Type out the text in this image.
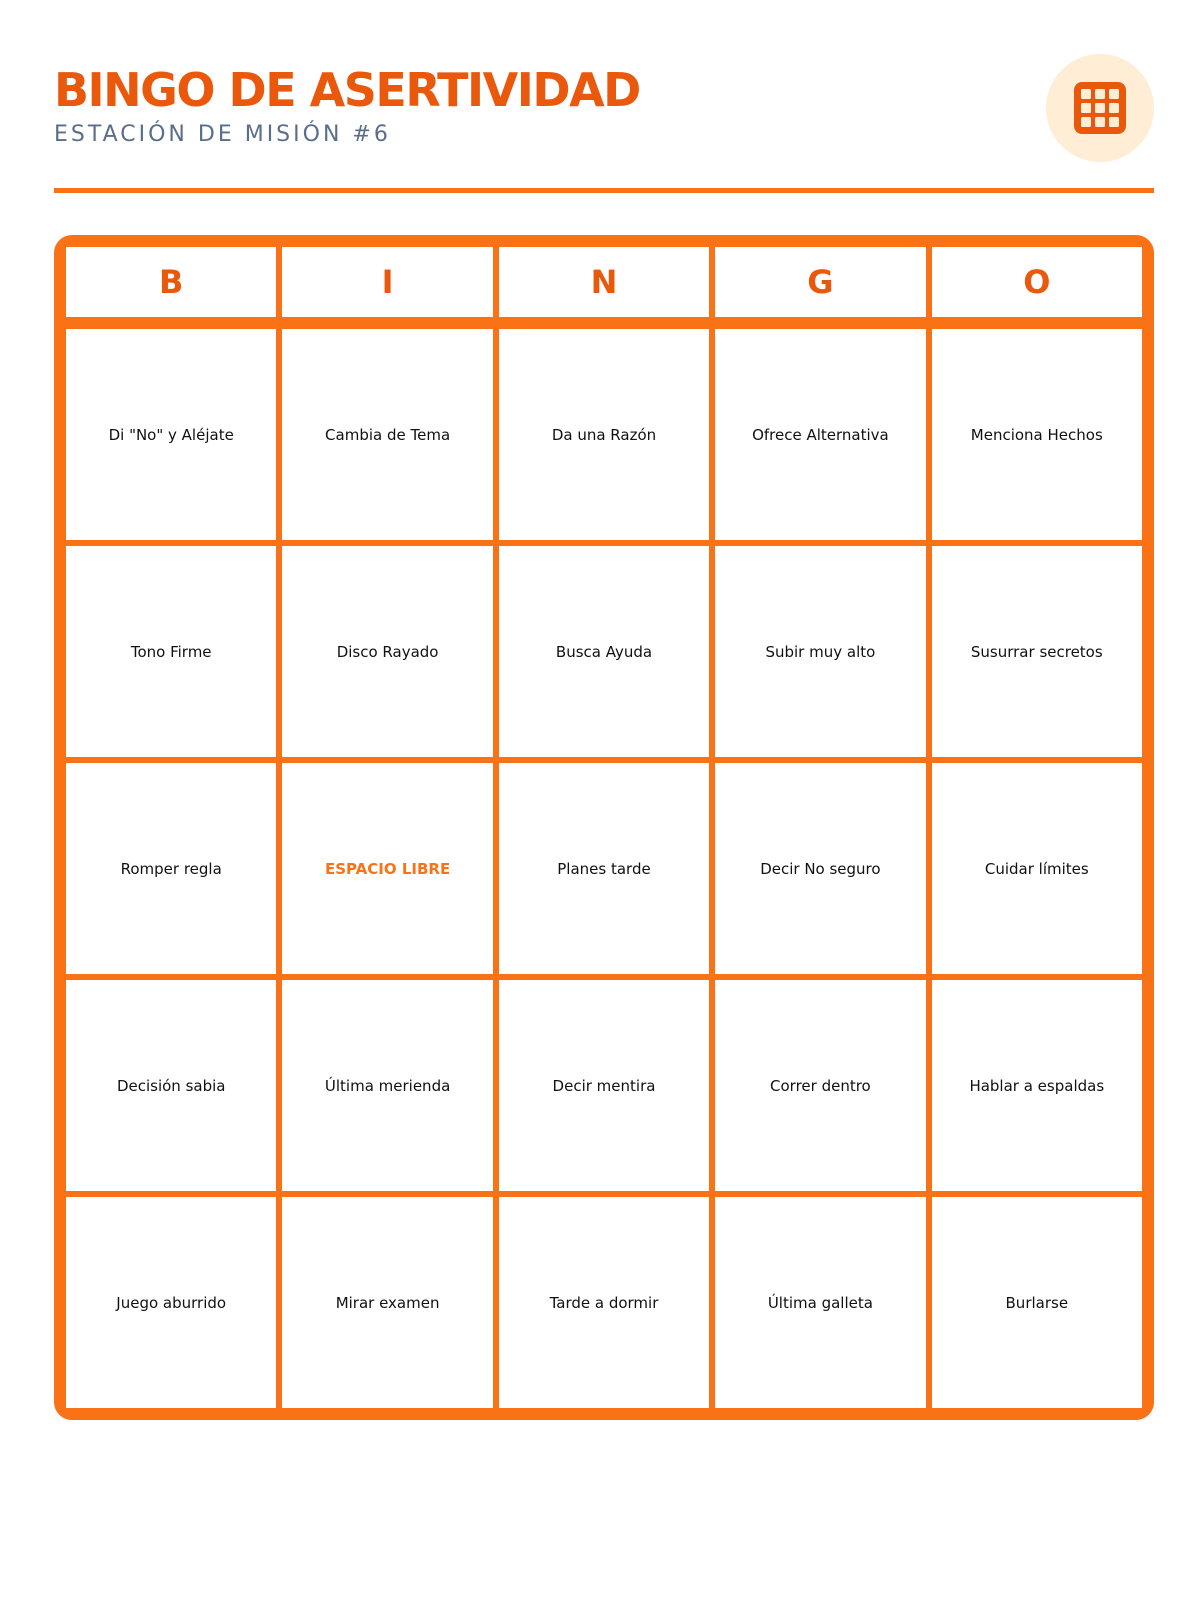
BINGO DE ASERTIVIDAD
ESTACIÓN DE MISIÓN #6
B	I	N	G	O
Di "No" y Aléjate	Cambia de Tema	Da una Razón	Ofrece Alternativa	Menciona Hechos
Tono Firme	Disco Rayado	Busca Ayuda	Subir muy alto	Susurrar secretos
Romper regla	ESPACIO LIBRE	Planes tarde	Decir No seguro	Cuidar límites
Decisión sabia	Última merienda	Decir mentira	Correr dentro	Hablar a espaldas
Juego aburrido	Mirar examen	Tarde a dormir	Última galleta	Burlarse
